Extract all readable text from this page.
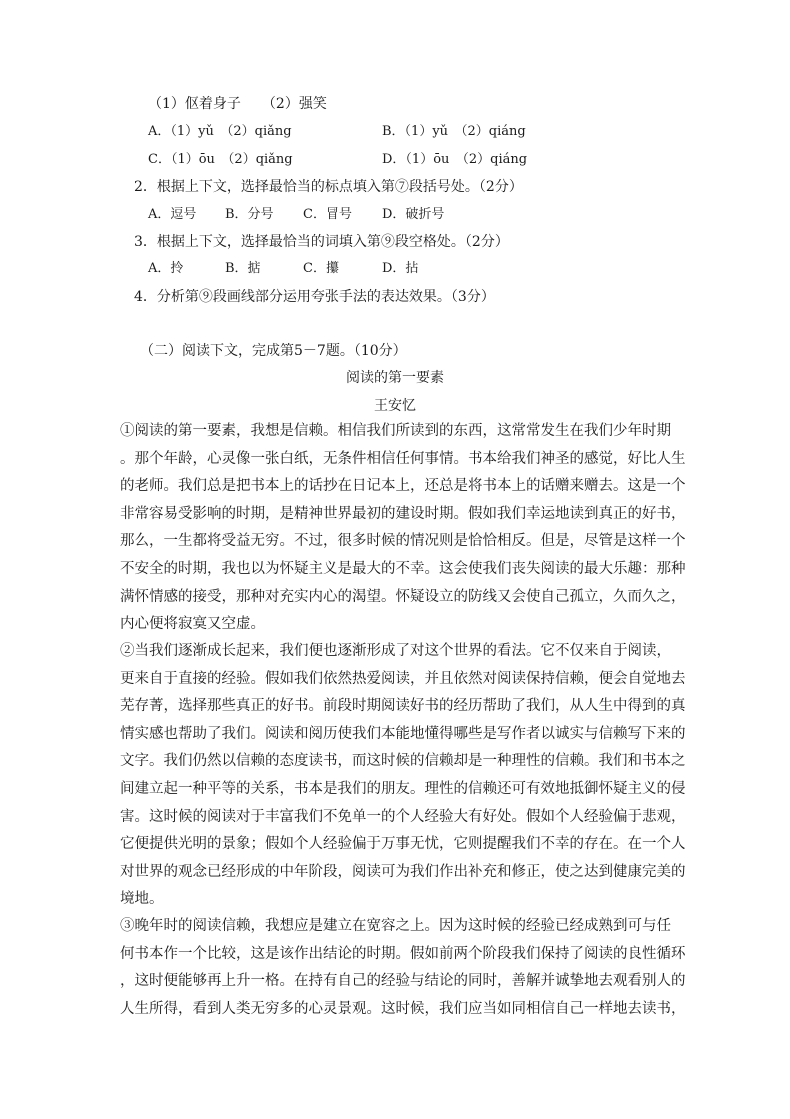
（1）伛着身子　　（2）强笑
A．（1）yǔ　（2）qiǎng	B．（1）yǔ　（2）qiáng
C．（1）ōu　（2）qiǎng	D．（1）ōu　（2）qiáng
2．根据上下文，选择最恰当的标点填入第⑦段括号处。（2分）
A．逗号 B．分号 C．冒号 D．破折号
3．根据上下文，选择最恰当的词填入第⑨段空格处。（2分）
A．拎	B．掂	C．攥	D．拈
4．分析第⑨段画线部分运用夸张手法的表达效果。（3分）
（二）阅读下文，完成第5－7题。（10分）
阅读的第一要素
王安忆
①阅读的第一要素，我想是信赖。相信我们所读到的东西，这常常发生在我们少年时期
。那个年龄，心灵像一张白纸，无条件相信任何事情。书本给我们神圣的感觉，好比人生
的老师。我们总是把书本上的话抄在日记本上，还总是将书本上的话赠来赠去。这是一个
非常容易受影响的时期，是精神世界最初的建设时期。假如我们幸运地读到真正的好书，
那么，一生都将受益无穷。不过，很多时候的情况则是恰恰相反。但是，尽管是这样一个
不安全的时期，我也以为怀疑主义是最大的不幸。这会使我们丧失阅读的最大乐趣：那种
满怀情感的接受，那种对充实内心的渴望。怀疑设立的防线又会使自己孤立，久而久之，
内心便将寂寞又空虚。
②当我们逐渐成长起来，我们便也逐渐形成了对这个世界的看法。它不仅来自于阅读，
更来自于直接的经验。假如我们依然热爱阅读，并且依然对阅读保持信赖，便会自觉地去
芜存菁，选择那些真正的好书。前段时期阅读好书的经历帮助了我们，从人生中得到的真
情实感也帮助了我们。阅读和阅历使我们本能地懂得哪些是写作者以诚实与信赖写下来的
文字。我们仍然以信赖的态度读书，而这时候的信赖却是一种理性的信赖。我们和书本之
间建立起一种平等的关系，书本是我们的朋友。理性的信赖还可有效地抵御怀疑主义的侵
害。这时候的阅读对于丰富我们不免单一的个人经验大有好处。假如个人经验偏于悲观，
它便提供光明的景象；假如个人经验偏于万事无忧，它则提醒我们不幸的存在。在一个人
对世界的观念已经形成的中年阶段，阅读可为我们作出补充和修正，使之达到健康完美的
境地。
③晚年时的阅读信赖，我想应是建立在宽容之上。因为这时候的经验已经成熟到可与任
何书本作一个比较，这是该作出结论的时期。假如前两个阶段我们保持了阅读的良性循环
，这时便能够再上升一格。在持有自己的经验与结论的同时，善解并诚挚地去观看别人的
人生所得，看到人类无穷多的心灵景观。这时候，我们应当如同相信自己一样地去读书，
